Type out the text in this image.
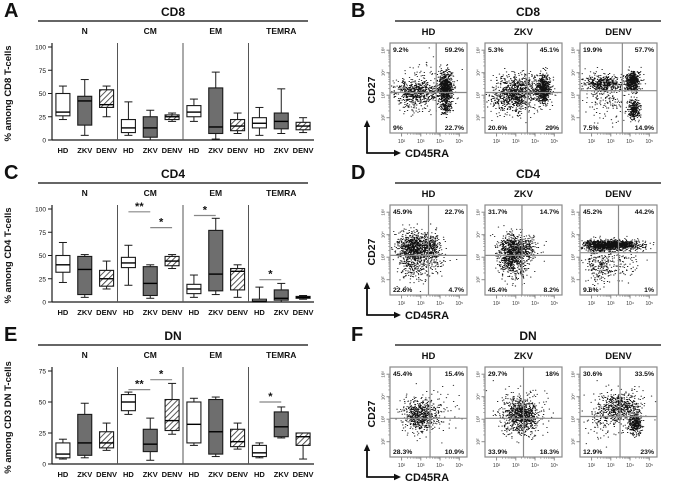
A	CD8
% among CD8 T-cells	0
25
50
75
100
N	CM	EM	TEMRA
HD ZKV DENV HD ZKV DENV HD ZKV DENV HD ZKV DENV
B	CD8
CD27
CD45RA
HD
9.2%	59.2%
9%	22.7%
10² 10³ 10⁴ 10⁵
10²
10³
10⁴
10⁵
ZKV
5.3%	45.1%
20.6%	29%
10² 10³ 10⁴ 10⁵
10²
10³
10⁴
10⁵
DENV
19.9%	57.7%
7.5%	14.9%
10² 10³ 10⁴ 10⁵
10²
10³
10⁴
10⁵
C	CD4
% among CD4 T-cells	0
25
50
75
100
N	CM	EM	TEMRA
HD ZKV DENV HD ZKV DENV HD ZKV DENV HD ZKV DENV
**
*
*
*
D	CD4
CD27
CD45RA
HD
45.9%	22.7%
22.6%	4.7%
10² 10³ 10⁴ 10⁵
10²
10³
10⁴
10⁵
ZKV
31.7%	14.7%
45.4%	8.2%
10² 10³ 10⁴ 10⁵
10²
10³
10⁴
10⁵
DENV
45.2%	44.2%
9.6%	1%
10² 10³ 10⁴ 10⁵
10²
10³
10⁴
10⁵
E	DN
% among CD3 DN T-cells	0
25
50
75
N	CM	EM	TEMRA
HD ZKV DENV HD ZKV DENV HD ZKV DENV HD ZKV DENV
**
*
*
F	DN
CD27
CD45RA
HD
45.4%	15.4%
28.3%	10.9%
10² 10³ 10⁴ 10⁵
10²
10³
10⁴
10⁵
ZKV
29.7%	18%
33.9%	18.3%
10² 10³ 10⁴ 10⁵
10²
10³
10⁴
10⁵
DENV
30.6%	33.5%
12.9%	23%
10² 10³ 10⁴ 10⁵
10²
10³
10⁴
10⁵
